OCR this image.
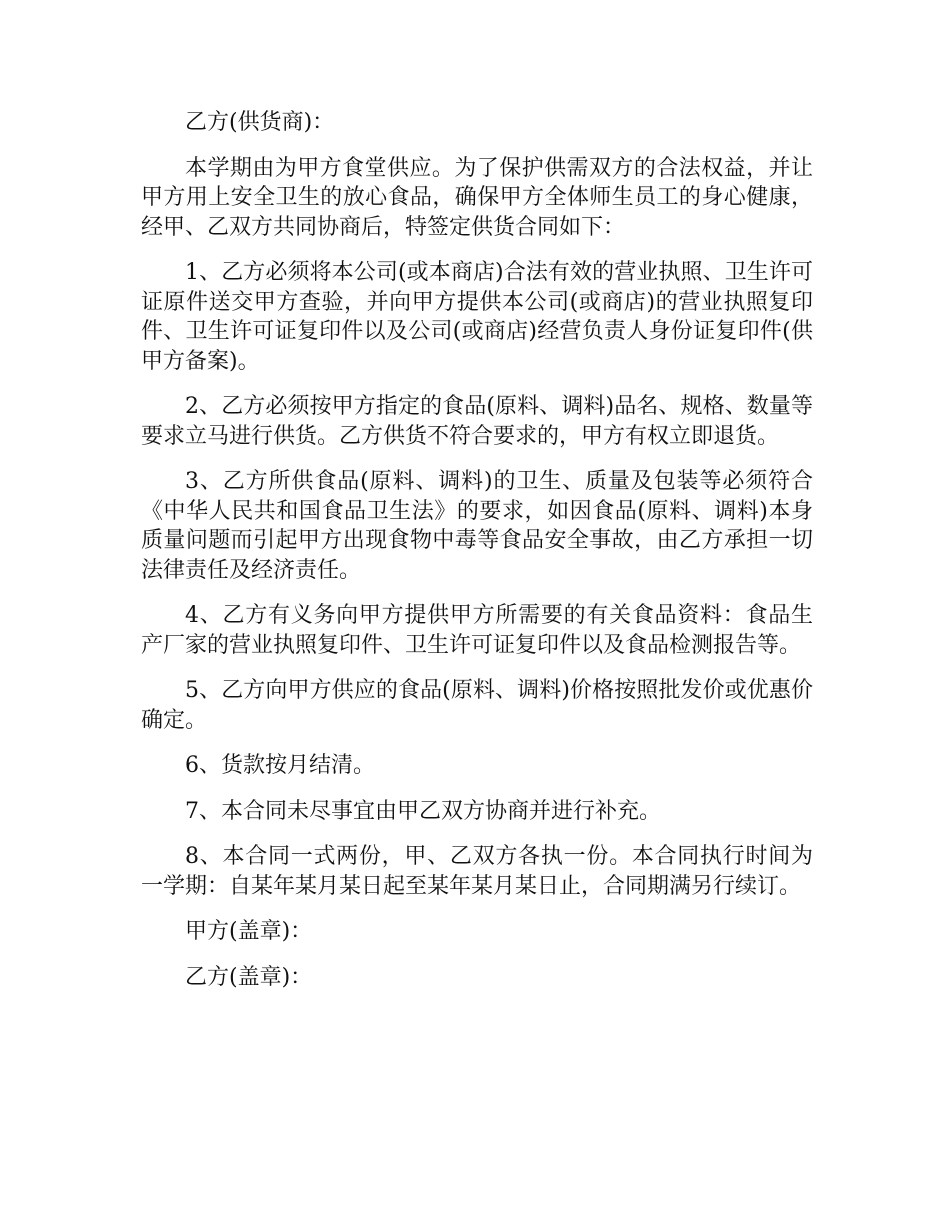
乙方(供货商)：

本学期由为甲方食堂供应。为了保护供需双方的合法权益，并让甲方用上安全卫生的放心食品，确保甲方全体师生员工的身心健康，经甲、乙双方共同协商后，特签定供货合同如下：

1、乙方必须将本公司(或本商店)合法有效的营业执照、卫生许可证原件送交甲方查验，并向甲方提供本公司(或商店)的营业执照复印件、卫生许可证复印件以及公司(或商店)经营负责人身份证复印件(供甲方备案)。

2、乙方必须按甲方指定的食品(原料、调料)品名、规格、数量等要求立马进行供货。乙方供货不符合要求的，甲方有权立即退货。

3、乙方所供食品(原料、调料)的卫生、质量及包装等必须符合《中华人民共和国食品卫生法》的要求，如因食品(原料、调料)本身质量问题而引起甲方出现食物中毒等食品安全事故，由乙方承担一切法律责任及经济责任。

4、乙方有义务向甲方提供甲方所需要的有关食品资料：食品生产厂家的营业执照复印件、卫生许可证复印件以及食品检测报告等。

5、乙方向甲方供应的食品(原料、调料)价格按照批发价或优惠价确定。

6、货款按月结清。

7、本合同未尽事宜由甲乙双方协商并进行补充。

8、本合同一式两份，甲、乙双方各执一份。本合同执行时间为一学期：自某年某月某日起至某年某月某日止，合同期满另行续订。

甲方(盖章)：

乙方(盖章)：
